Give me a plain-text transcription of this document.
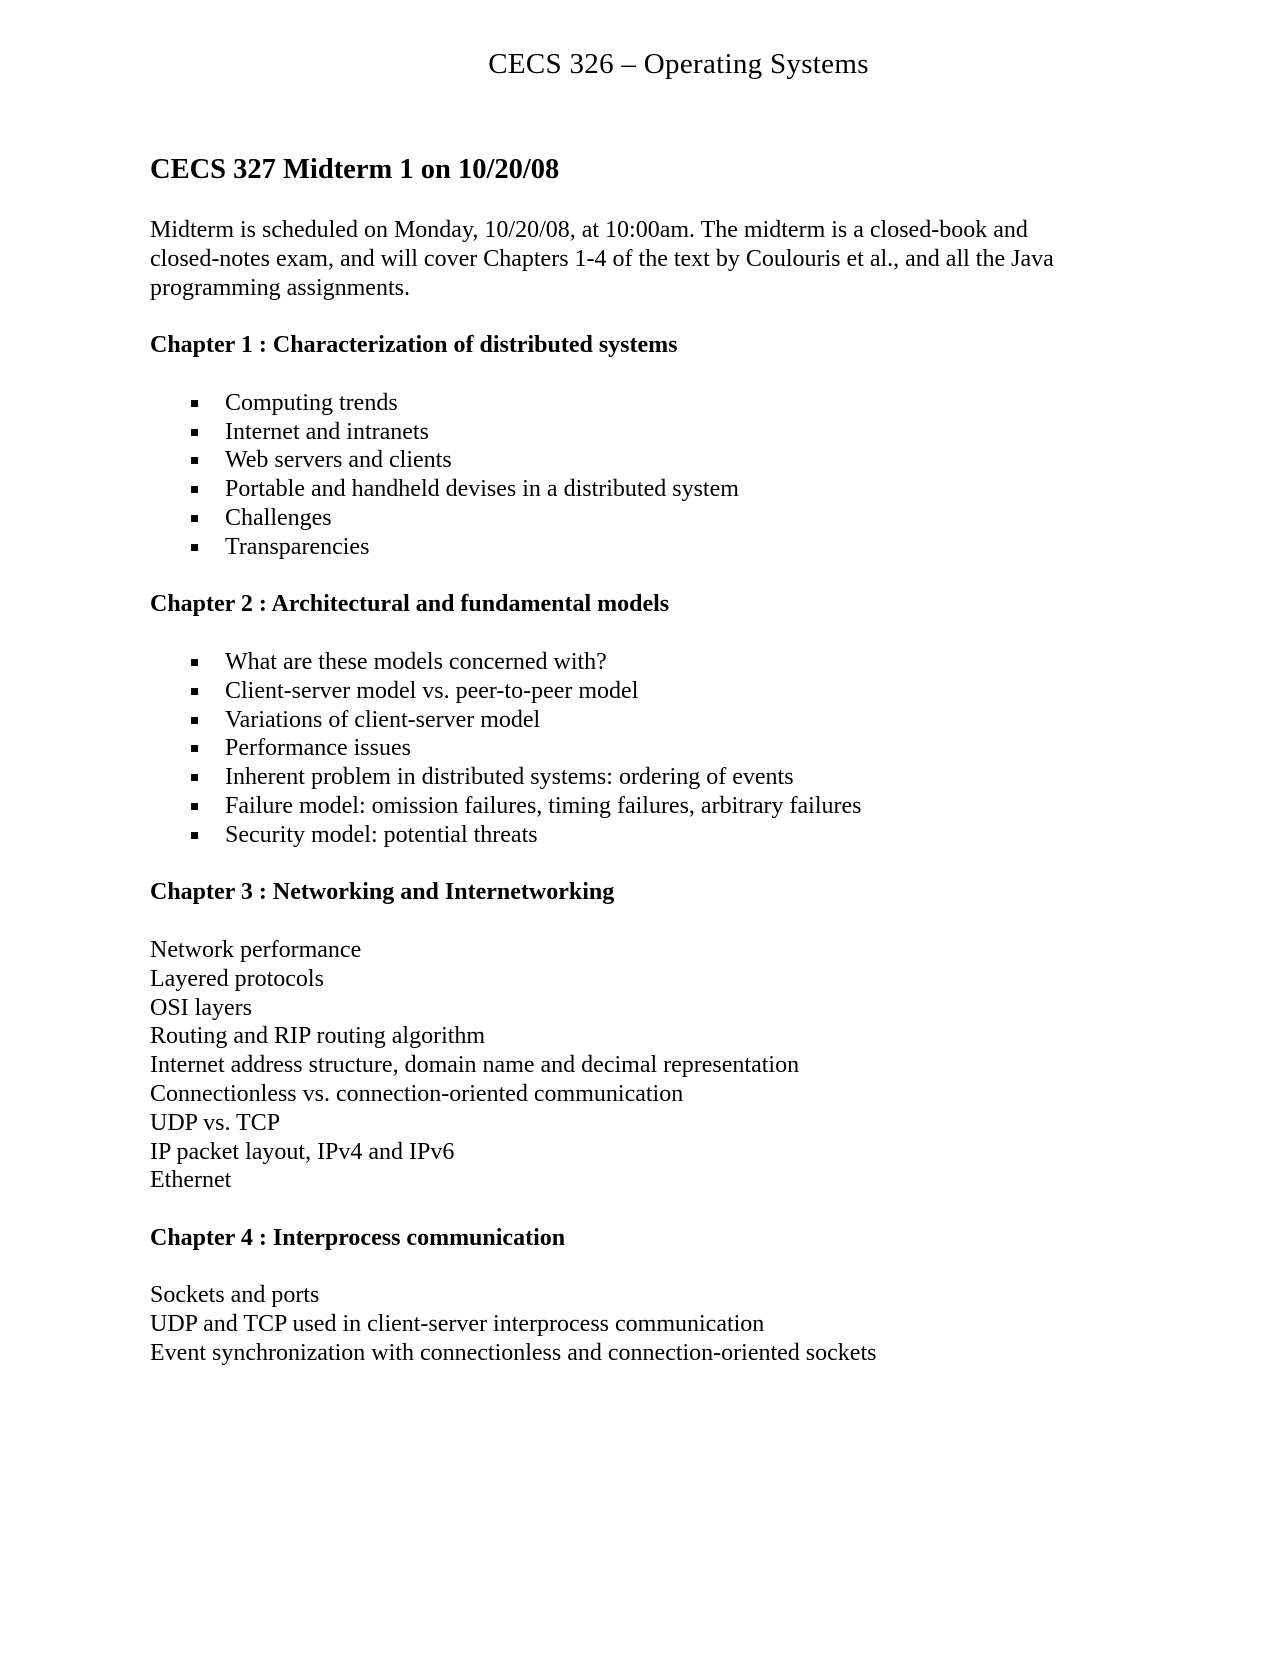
CECS 326 – Operating Systems
CECS 327 Midterm 1 on 10/20/08
Midterm is scheduled on Monday, 10/20/08, at 10:00am. The midterm is a closed-book and
closed-notes exam, and will cover Chapters 1-4 of the text by Coulouris et al., and all the Java
programming assignments.

Chapter 1 : Characterization of distributed systems

Computing trends
Internet and intranets
Web servers and clients
Portable and handheld devises in a distributed system
Challenges
Transparencies

Chapter 2 : Architectural and fundamental models

What are these models concerned with?
Client-server model vs. peer-to-peer model
Variations of client-server model
Performance issues
Inherent problem in distributed systems: ordering of events
Failure model: omission failures, timing failures, arbitrary failures
Security model: potential threats

Chapter 3 : Networking and Internetworking

Network performance

Layered protocols

OSI layers

Routing and RIP routing algorithm

Internet address structure, domain name and decimal representation

Connectionless vs. connection-oriented communication

UDP vs. TCP

IP packet layout, IPv4 and IPv6

Ethernet

Chapter 4 : Interprocess communication

Sockets and ports

UDP and TCP used in client-server interprocess communication

Event synchronization with connectionless and connection-oriented sockets
